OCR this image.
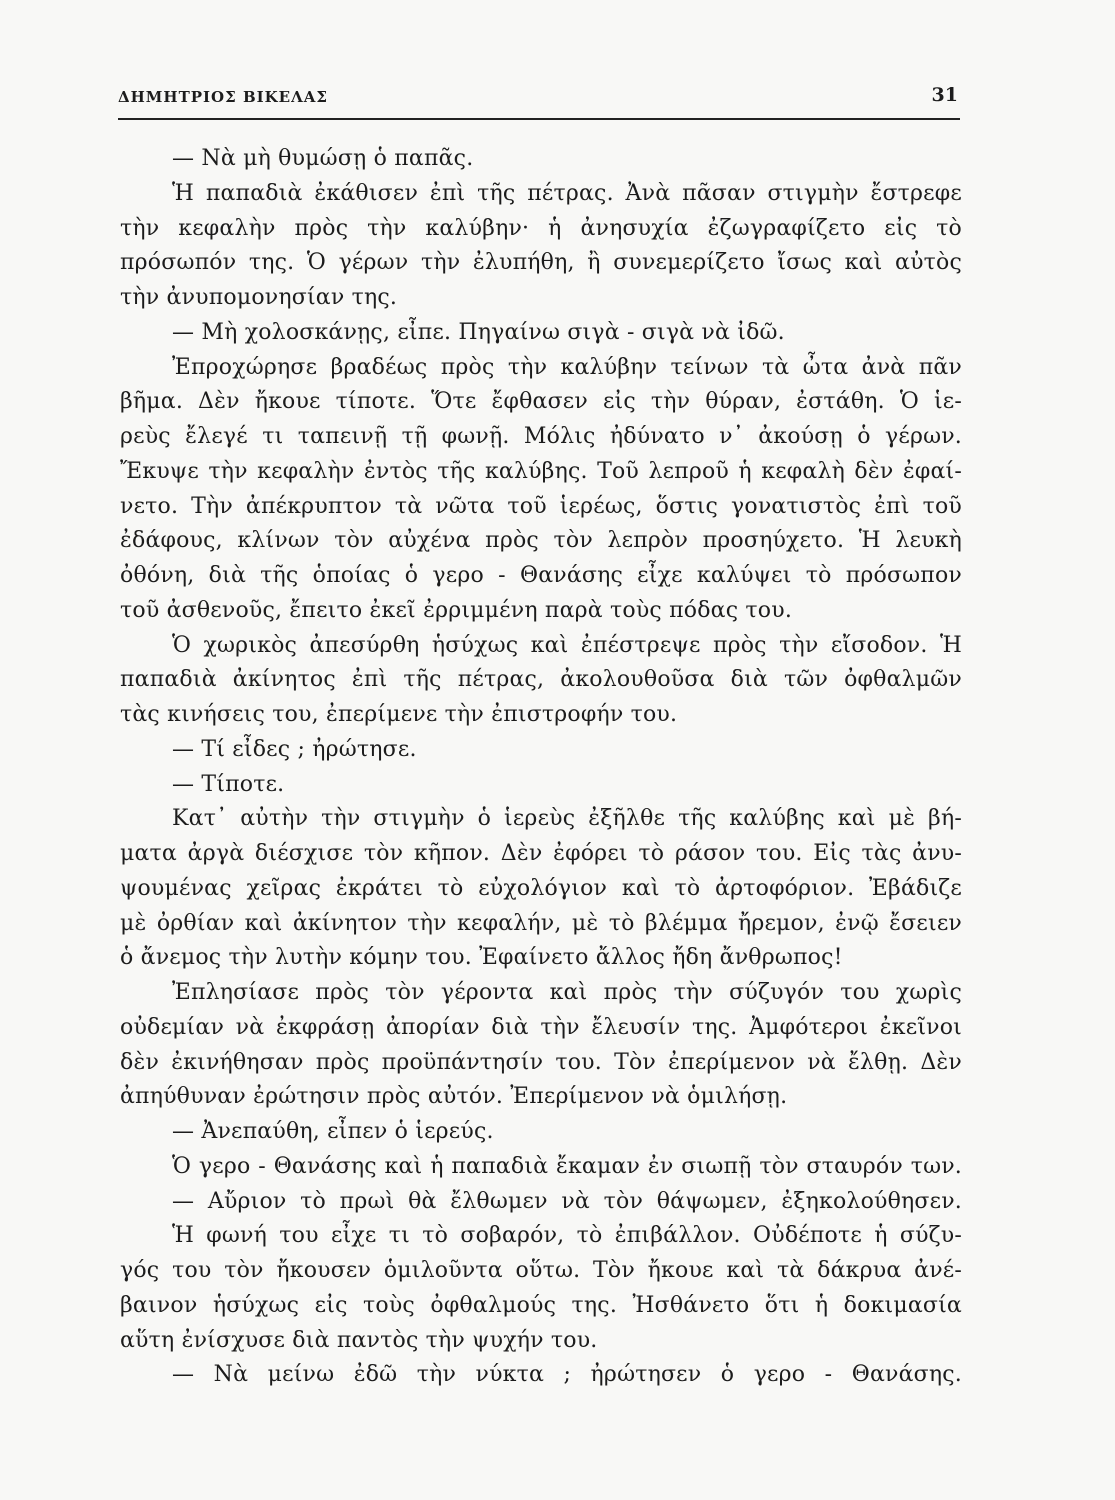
ΔΗΜΗΤΡΙΟΣ ΒΙΚΕΛΑΣ	31
— Νὰ μὴ θυμώσῃ ὁ παπᾶς.
Ἡ παπαδιὰ ἐκάθισεν ἐπὶ τῆς πέτρας. Ἀνὰ πᾶσαν στιγμὴν ἔστρεφε
τὴν κεφαλὴν πρὸς τὴν καλύβην· ἡ ἀνησυχία ἐζωγραφίζετο εἰς τὸ
πρόσωπόν της. Ὁ γέρων τὴν ἐλυπήθη, ἢ συνεμερίζετο ἴσως καὶ αὐτὸς
τὴν ἀνυπομονησίαν της.
— Μὴ χολοσκάνῃς, εἶπε. Πηγαίνω σιγὰ - σιγὰ νὰ ἰδῶ.
Ἐπροχώρησε βραδέως πρὸς τὴν καλύβην τείνων τὰ ὦτα ἀνὰ πᾶν
βῆμα. Δὲν ἤκουε τίποτε. Ὅτε ἔφθασεν εἰς τὴν θύραν, ἐστάθη. Ὁ ἱε-
ρεὺς ἔλεγέ τι ταπεινῇ τῇ φωνῇ. Μόλις ἠδύνατο ν᾽ ἀκούσῃ ὁ γέρων.
Ἔκυψε τὴν κεφαλὴν ἐντὸς τῆς καλύβης. Τοῦ λεπροῦ ἡ κεφαλὴ δὲν ἐφαί-
νετο. Τὴν ἀπέκρυπτον τὰ νῶτα τοῦ ἱερέως, ὅστις γονατιστὸς ἐπὶ τοῦ
ἐδάφους, κλίνων τὸν αὐχένα πρὸς τὸν λεπρὸν προσηύχετο. Ἡ λευκὴ
ὀθόνη, διὰ τῆς ὁποίας ὁ γερο - Θανάσης εἶχε καλύψει τὸ πρόσωπον
τοῦ ἀσθενοῦς, ἔπειτο ἐκεῖ ἐρριμμένη παρὰ τοὺς πόδας του.
Ὁ χωρικὸς ἀπεσύρθη ἡσύχως καὶ ἐπέστρεψε πρὸς τὴν εἴσοδον. Ἡ
παπαδιὰ ἀκίνητος ἐπὶ τῆς πέτρας, ἀκολουθοῦσα διὰ τῶν ὀφθαλμῶν
τὰς κινήσεις του, ἐπερίμενε τὴν ἐπιστροφήν του.
— Τί εἶδες ; ἠρώτησε.
— Τίποτε.
Κατ᾽ αὐτὴν τὴν στιγμὴν ὁ ἱερεὺς ἐξῆλθε τῆς καλύβης καὶ μὲ βή-
ματα ἀργὰ διέσχισε τὸν κῆπον. Δὲν ἐφόρει τὸ ράσον του. Εἰς τὰς ἀνυ-
ψουμένας χεῖρας ἐκράτει τὸ εὐχολόγιον καὶ τὸ ἀρτοφόριον. Ἐβάδιζε
μὲ ὀρθίαν καὶ ἀκίνητον τὴν κεφαλήν, μὲ τὸ βλέμμα ἤρεμον, ἐνῷ ἔσειεν
ὁ ἄνεμος τὴν λυτὴν κόμην του. Ἐφαίνετο ἄλλος ἤδη ἄνθρωπος!
Ἐπλησίασε πρὸς τὸν γέροντα καὶ πρὸς τὴν σύζυγόν του χωρὶς
οὐδεμίαν νὰ ἐκφράσῃ ἀπορίαν διὰ τὴν ἔλευσίν της. Ἀμφότεροι ἐκεῖνοι
δὲν ἐκινήθησαν πρὸς προϋπάντησίν του. Τὸν ἐπερίμενον νὰ ἔλθῃ. Δὲν
ἀπηύθυναν ἐρώτησιν πρὸς αὐτόν. Ἐπερίμενον νὰ ὁμιλήσῃ.
— Ἀνεπαύθη, εἶπεν ὁ ἱερεύς.
Ὁ γερο - Θανάσης καὶ ἡ παπαδιὰ ἔκαμαν ἐν σιωπῇ τὸν σταυρόν των.
— Αὔριον τὸ πρωὶ θὰ ἔλθωμεν νὰ τὸν θάψωμεν, ἐξηκολούθησεν.
Ἡ φωνή του εἶχε τι τὸ σοβαρόν, τὸ ἐπιβάλλον. Οὐδέποτε ἡ σύζυ-
γός του τὸν ἤκουσεν ὁμιλοῦντα οὕτω. Τὸν ἤκουε καὶ τὰ δάκρυα ἀνέ-
βαινον ἡσύχως εἰς τοὺς ὀφθαλμούς της. Ἠσθάνετο ὅτι ἡ δοκιμασία
αὕτη ἐνίσχυσε διὰ παντὸς τὴν ψυχήν του.
— Νὰ μείνω ἐδῶ τὴν νύκτα ; ἠρώτησεν ὁ γερο - Θανάσης.
